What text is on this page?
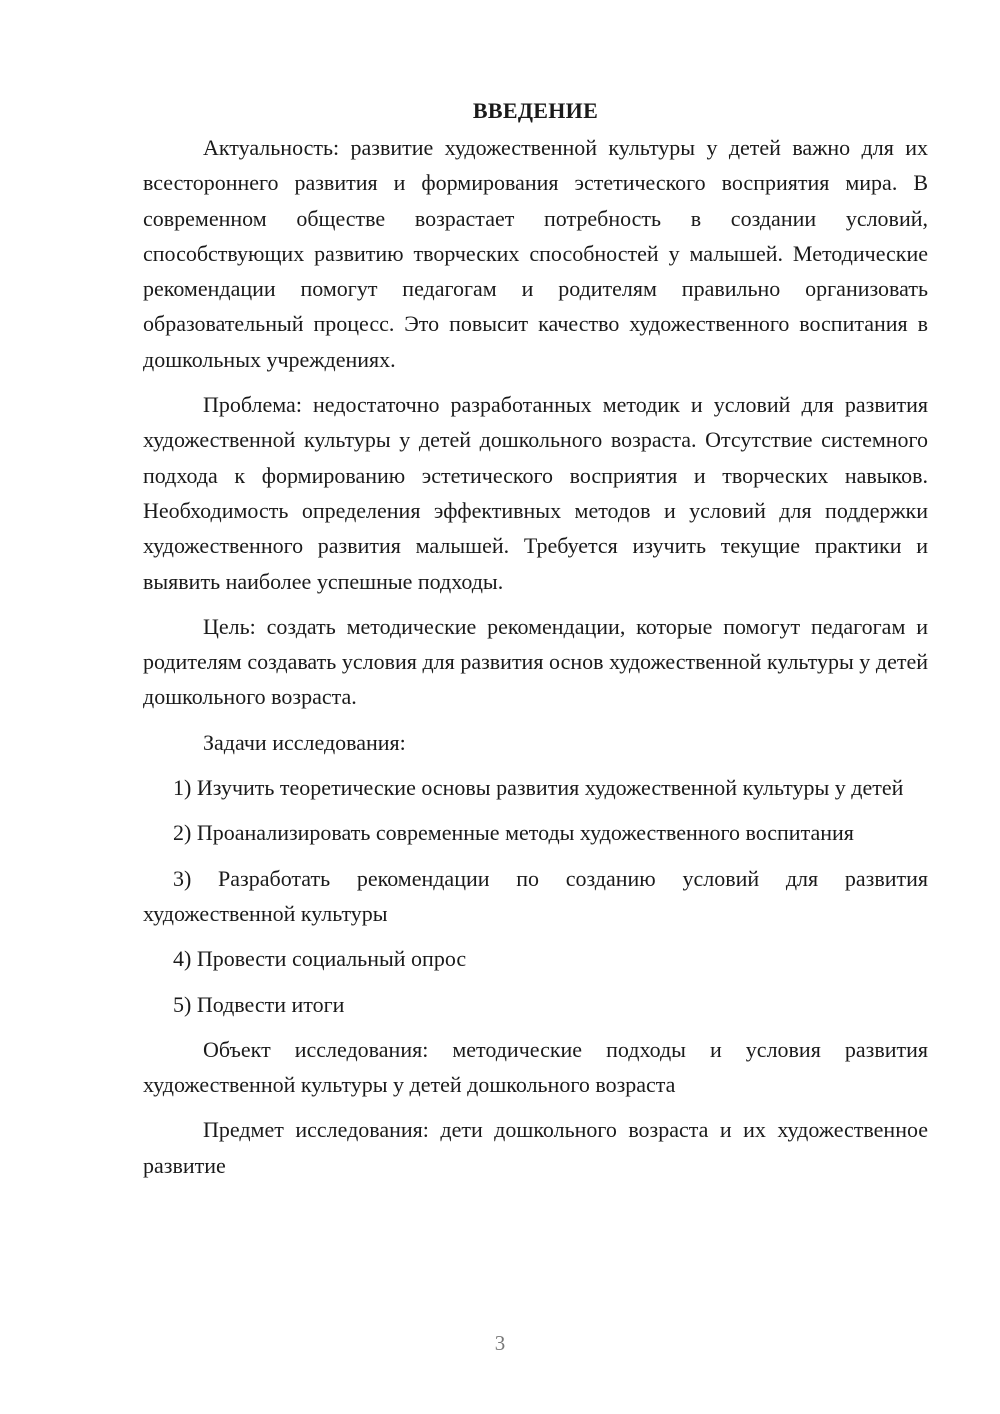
ВВЕДЕНИЕ

Актуальность: развитие художественной культуры у детей важно для их всестороннего развития и формирования эстетического восприятия мира. В современном обществе возрастает потребность в создании условий, способствующих развитию творческих способностей у малышей. Методические рекомендации помогут педагогам и родителям правильно организовать образовательный процесс. Это повысит качество художественного воспитания в дошкольных учреждениях.

Проблема: недостаточно разработанных методик и условий для развития художественной культуры у детей дошкольного возраста. Отсутствие системного подхода к формированию эстетического восприятия и творческих навыков. Необходимость определения эффективных методов и условий для поддержки художественного развития малышей. Требуется изучить текущие практики и выявить наиболее успешные подходы.

Цель: создать методические рекомендации, которые помогут педагогам и родителям создавать условия для развития основ художественной культуры у детей дошкольного возраста.

Задачи исследования:

1) Изучить теоретические основы развития художественной культуры у детей

2) Проанализировать современные методы художественного воспитания

3) Разработать рекомендации по созданию условий для развития художественной культуры

4) Провести социальный опрос

5) Подвести итоги

Объект исследования: методические подходы и условия развития художественной культуры у детей дошкольного возраста

Предмет исследования: дети дошкольного возраста и их художественное развитие

3
